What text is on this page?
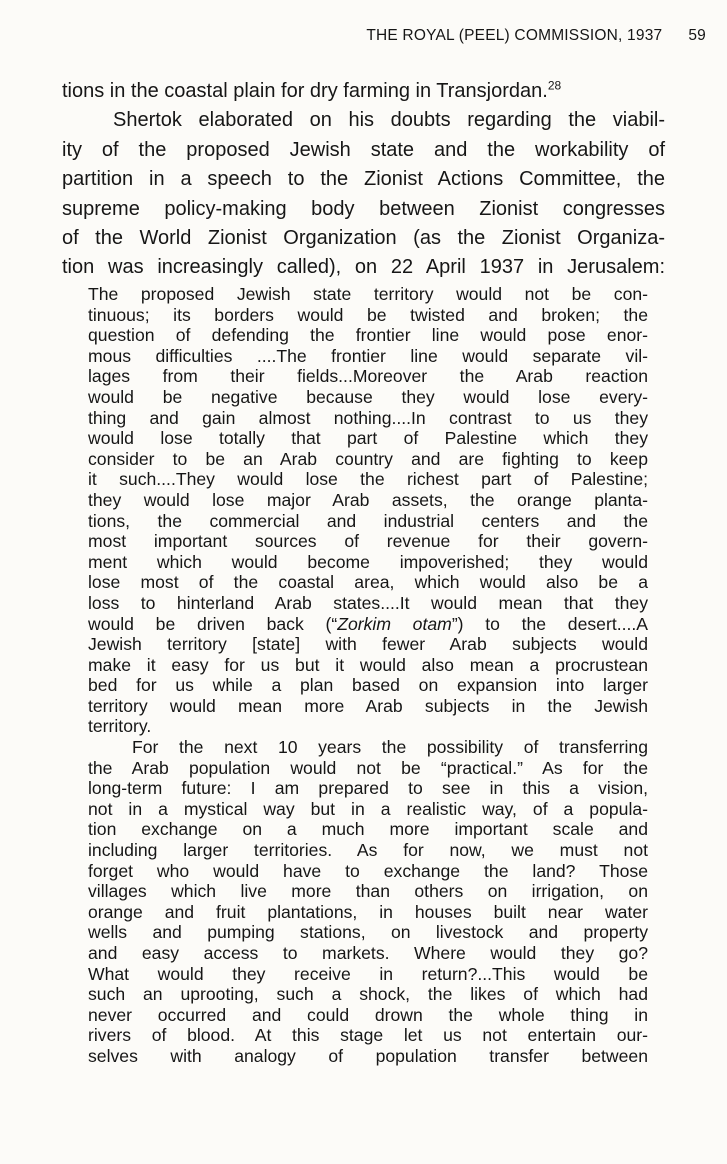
THE ROYAL (PEEL) COMMISSION, 1937 59
tions in the coastal plain for dry farming in Transjordan.$^{28}$
Shertok elaborated on his doubts regarding the viabil-
ity of the proposed Jewish state and the workability of
partition in a speech to the Zionist Actions Committee, the
supreme policy-making body between Zionist congresses
of the World Zionist Organization (as the Zionist Organiza-
tion was increasingly called), on 22 April 1937 in Jerusalem:
The proposed Jewish state territory would not be con-
tinuous; its borders would be twisted and broken; the
question of defending the frontier line would pose enor-
mous difficulties ....The frontier line would separate vil-
lages from their fields...Moreover the Arab reaction
would be negative because they would lose every-
thing and gain almost nothing....In contrast to us they
would lose totally that part of Palestine which they
consider to be an Arab country and are fighting to keep
it such....They would lose the richest part of Palestine;
they would lose major Arab assets, the orange planta-
tions, the commercial and industrial centers and the
most important sources of revenue for their govern-
ment which would become impoverished; they would
lose most of the coastal area, which would also be a
loss to hinterland Arab states....It would mean that they
would be driven back (“Zorkim otam”) to the desert....A
Jewish territory [state] with fewer Arab subjects would
make it easy for us but it would also mean a procrustean
bed for us while a plan based on expansion into larger
territory would mean more Arab subjects in the Jewish
territory.
For the next 10 years the possibility of transferring
the Arab population would not be “practical.” As for the
long-term future: I am prepared to see in this a vision,
not in a mystical way but in a realistic way, of a popula-
tion exchange on a much more important scale and
including larger territories. As for now, we must not
forget who would have to exchange the land? Those
villages which live more than others on irrigation, on
orange and fruit plantations, in houses built near water
wells and pumping stations, on livestock and property
and easy access to markets. Where would they go?
What would they receive in return?...This would be
such an uprooting, such a shock, the likes of which had
never occurred and could drown the whole thing in
rivers of blood. At this stage let us not entertain our-
selves with analogy of population transfer between
